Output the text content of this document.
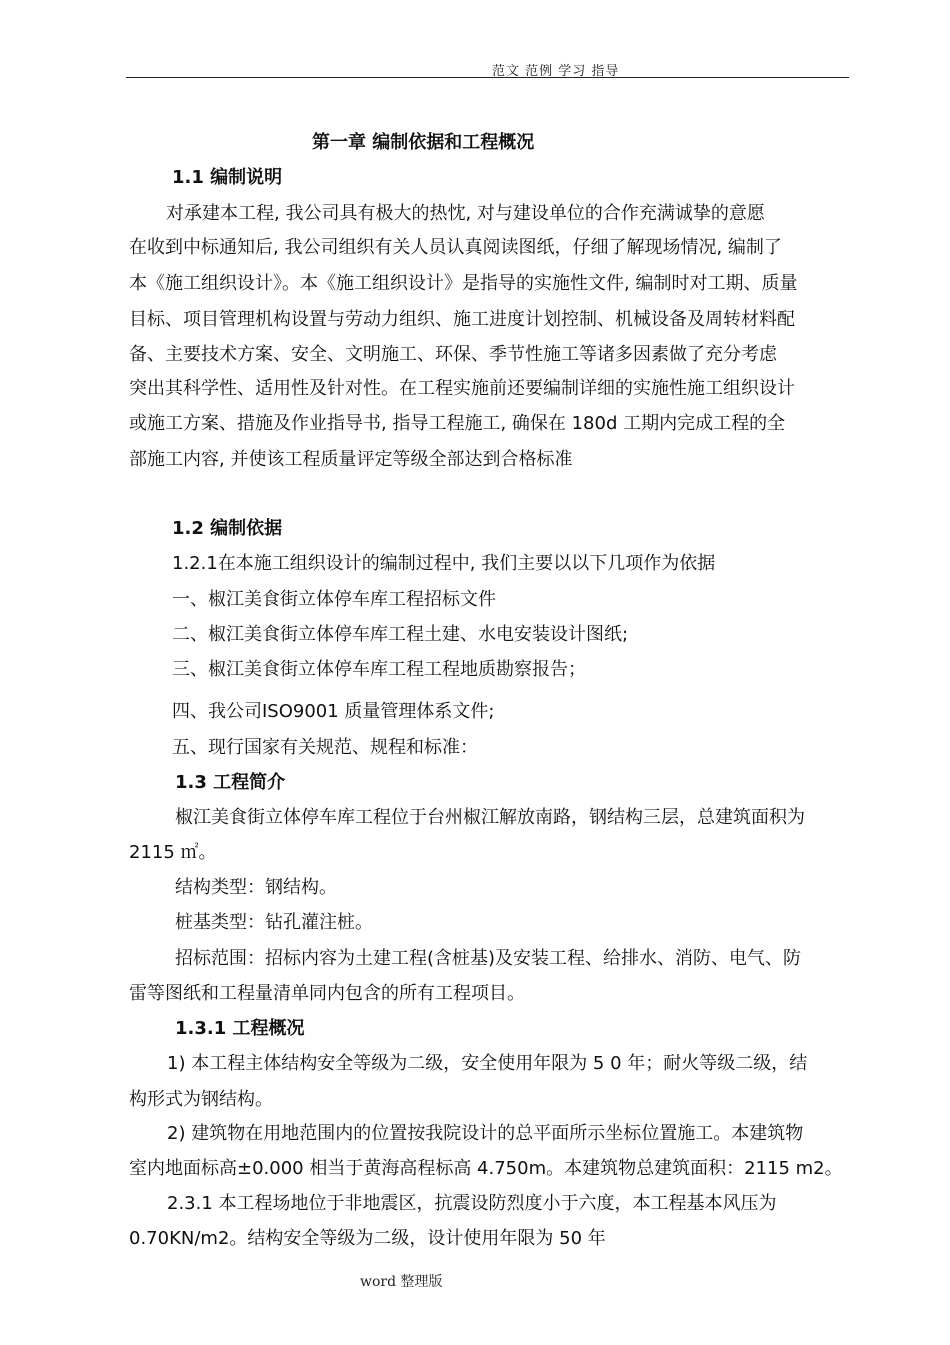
范文 范例 学习 指导
第一章 编制依据和工程概况
1.1 编制说明
对承建本工程, 我公司具有极大的热忱, 对与建设单位的合作充满诚挚的意愿
在收到中标通知后, 我公司组织有关人员认真阅读图纸，仔细了解现场情况, 编制了
本《施工组织设计》。本《施工组织设计》是指导的实施性文件, 编制时对工期、质量
目标、项目管理机构设置与劳动力组织、施工进度计划控制、机械设备及周转材料配
备、主要技术方案、安全、文明施工、环保、季节性施工等诸多因素做了充分考虑
突出其科学性、适用性及针对性。在工程实施前还要编制详细的实施性施工组织设计
或施工方案、措施及作业指导书, 指导工程施工, 确保在 180d 工期内完成工程的全
部施工内容, 并使该工程质量评定等级全部达到合格标准
1.2 编制依据
1.2.1在本施工组织设计的编制过程中, 我们主要以以下几项作为依据
一、椒江美食街立体停车库工程招标文件
二、椒江美食街立体停车库工程土建、水电安装设计图纸;
三、椒江美食街立体停车库工程工程地质勘察报告；
四、我公司ISO9001 质量管理体系文件;
五、现行国家有关规范、规程和标准：
1.3 工程简介
椒江美食街立体停车库工程位于台州椒江解放南路，钢结构三层，总建筑面积为
2115 ㎡。
结构类型：钢结构。
桩基类型：钻孔灌注桩。
招标范围：招标内容为土建工程(含桩基)及安装工程、给排水、消防、电气、防
雷等图纸和工程量清单同内包含的所有工程项目。
1.3.1 工程概况
1) 本工程主体结构安全等级为二级，安全使用年限为 5 0 年；耐火等级二级，结
构形式为钢结构。
2) 建筑物在用地范围内的位置按我院设计的总平面所示坐标位置施工。本建筑物
室内地面标高±0.000 相当于黄海高程标高 4.750m。本建筑物总建筑面积：2115 m2。
2.3.1 本工程场地位于非地震区，抗震设防烈度小于六度，本工程基本风压为
0.70KN/m2。结构安全等级为二级，设计使用年限为 50 年
word 整理版
